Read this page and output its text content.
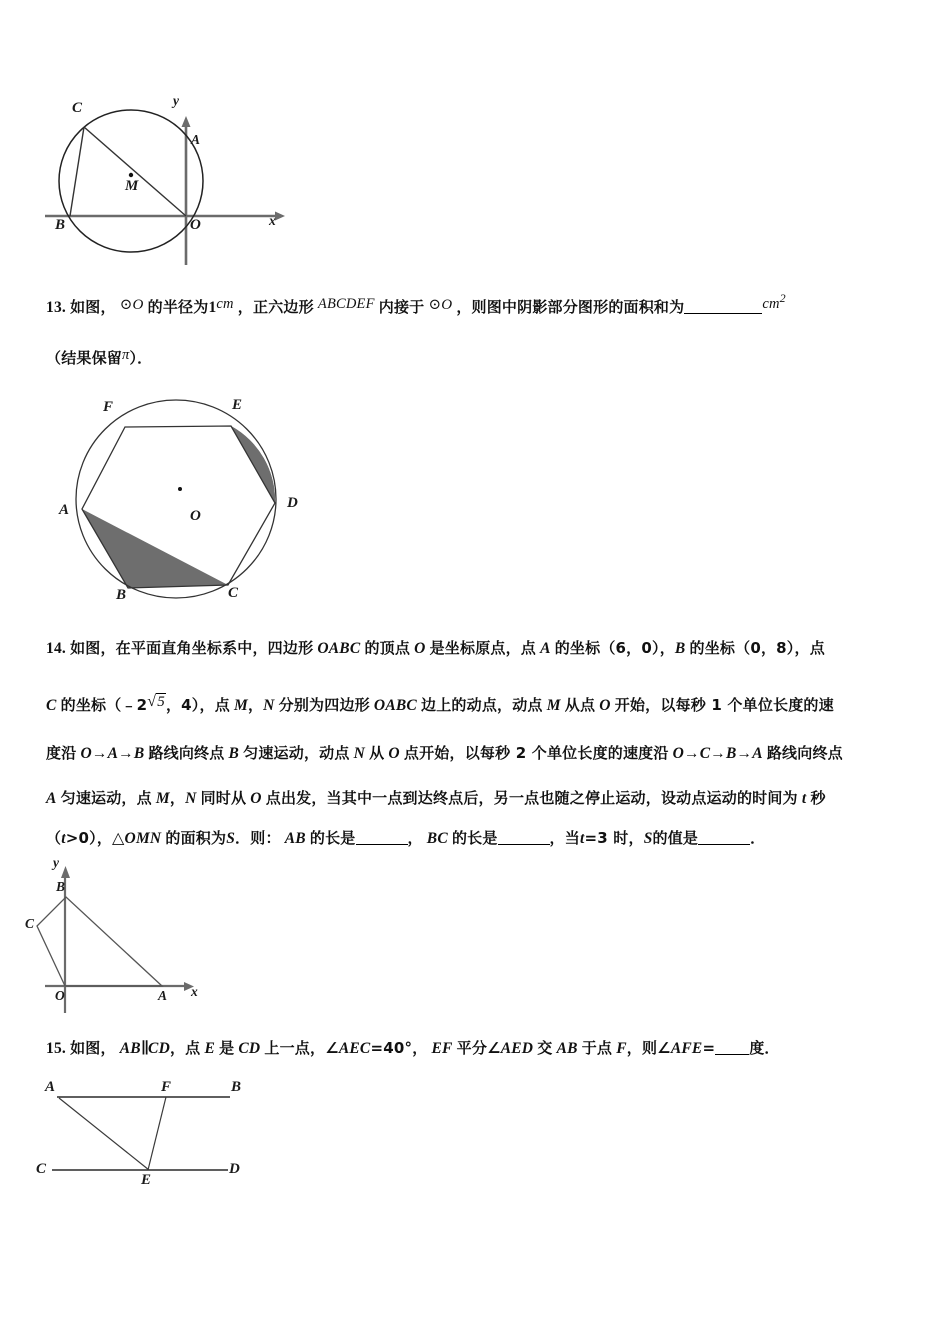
C	y
A
M
B	O	x
13. 如图， ⊙O 的半径为1cm ，正六边形 ABCDEF 内接于 ⊙O ，则图中阴影部分图形的面积和为	$cm^2$
（结果保留π）．
F	E
A	D
O
B	C
14. 如图，在平面直角坐标系中，四边形 OABC 的顶点 O 是坐标原点，点 A 的坐标（6，0），B 的坐标（0，8），点
C 的坐标（﹣2√5，4），点 M，N 分别为四边形 OABC 边上的动点，动点 M 从点 O 开始，以每秒 1 个单位长度的速
度沿 O→A→B 路线向终点 B 匀速运动，动点 N 从 O 点开始，以每秒 2 个单位长度的速度沿 O→C→B→A 路线向终点
A 匀速运动，点 M，N 同时从 O 点出发，当其中一点到达终点后，另一点也随之停止运动，设动点运动的时间为 t 秒
（t>0），△OMN 的面积为S．则： AB 的长是	， BC 的长是	，当t=3 时，S的值是	．
y
B
C
O	A x
15. 如图， AB∥CD，点 E 是 CD 上一点，∠AEC=40°， EF 平分∠AED 交 AB 于点 F，则∠AFE= 度．
A	F	B
C
E
D
